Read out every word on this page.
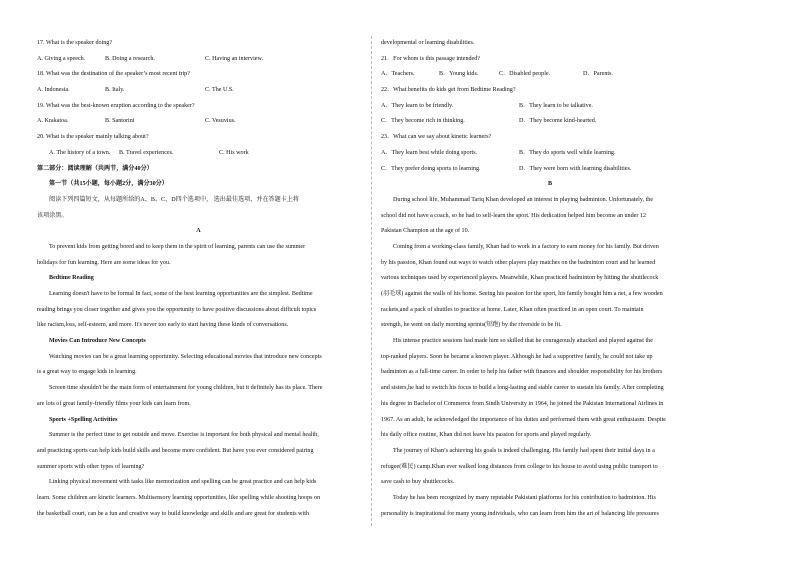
17. What is the speaker doing?
A. Giving a speech.	B. Doing a research.	C. Having an interview.
18. What was the destination of the speaker’s most recent trip?
A. Indonesia.	B. Italy.	C. The U.S.
19. What was the best-known eruption according to the speaker?
A. Krakatoa.	B. Santorini	C. Vesuvius.
20. What is the speaker mainly talking about?
A. The history of a town.	B. Travel experiences.	C. His work
第二部分：阅读理解（共两节，满分40分）
第一节（共15小题，每小题2分，满分30分）
阅读下列四篇短文，从每题所给的A、B、C、D四个选项中， 选出最佳选项，并在答题卡上将
该项涂黑。
A
To prevent kids from getting bored and to keep them in the spirit of learning, parents can use the summer
holidays for fun learning. Here are some ideas for you.
Bedtime Reading
Learning doesn't have to be formal In fact, some of the best learning opportunities are the simplest. Bedtime
reading brings you closer together and gives you the opportunity to have positive discussions about difficult topics
like racism,loss, self-esteem, and more. It's never too early to start having these kinds of conversations.
Movies Can Introduce New Concepts
Watching movies can be a great learning opportunity. Selecting educational movies that introduce new concepts
is a great way to engage kids in learning.
Screen time shouldn't be the main form of entertainment for young children, but it definitely has its place. There
are lots of great family-friendly films your kids can learn from.
Sports +Spelling Activities
Summer is the perfect time to get outside and move. Exercise is important for both physical and mental health,
and practicing sports can help kids build skills and become more confident. But have you ever considered pairing
summer sports with other types of learning?
Linking physical movement with tasks like memorization and spelling can be great practice and can help kids
learn. Some children are kinetic learners. Multisensory learning opportunities, like spelling while shooting hoops on
the basketball court, can be a fun and creative way to build knowledge and skills and are great for students with
developmental or learning disabilities.
21．For whom is this passage intended?
A．Teachers.	B．Young kids.	C．Disabled people.	D．Parents.
22．What benefits do kids get from Bedtime Reading?
A．They learn to be friendly.	B．They learn to be talkative.
C．They become rich in thinking.	D．They become kind-hearted.
23．What can we say about kinetic learners?
A．They learn best while doing sports.	B．They do sports well while learning.
C．They prefer doing sports to learning.	D．They were born with learning disabilities.
B
During school life, Muhammad Tariq Khan developed an interest in playing badminton. Unfortunately, the
school did not have a coach, so he had to self-learn the sport. His dedication helped him become an under 12
Pakistan Champion at the age of 10.
Coming from a working-class family, Khan had to work in a factory to earn money for his family. But driven
by his passion, Khan found out ways to watch other players play matches on the badminton court and he learned
various techniques used by experienced players. Meanwhile, Khan practiced badminton by hitting the shuttlecock
(羽毛球) against the walls of his home. Seeing his passion for the sport, his family bought him a net, a few wooden
rackets,and a pack of shuttles to practice at home. Later, Khan often practiced in an open court. To maintain
strength, he went on daily morning sprints(短跑) by the riverside to be fit.
His intense practice sessions had made him so skilled that he courageously attacked and played against the
top-ranked players. Soon he became a known player. Although he had a supportive family, he could not take up
badminton as a full-time career. In order to help his father with finances and shoulder responsibility for his brothers
and sisters,he had to switch his focus to build a long-lasting and stable career to sustain his family. After completing
his degree in Bachelor of Commerce from Sindh University in 1964, he joined the Pakistan International Airlines in
1967. As an adult, he acknowledged the importance of his duties and performed them with great enthusiasm. Despite
his daily office routine, Khan did not leave his passion for sports and played regularly.
The journey of Khan’s achieving his goals is indeed challenging. His family had spent their initial days in a
refugee(难民) camp.Khan ever walked long distances from college to his house to avoid using public transport to
save cash to buy shuttlecocks.
Today he has been recognized by many reputable Pakistani platforms for his contribution to badminton. His
personality is inspirational for many young individuals, who can learn from him the art of balancing life pressures
